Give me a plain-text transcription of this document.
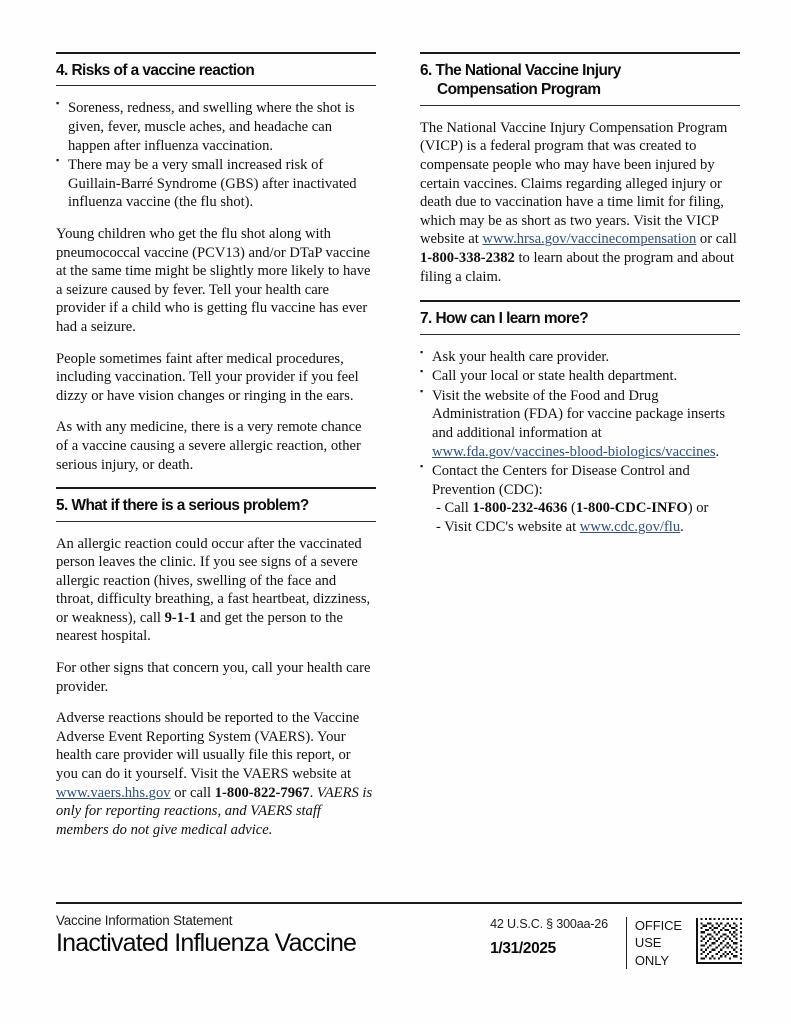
4. Risks of a vaccine reaction
▪ Soreness, redness, and swelling where the shot is given, fever, muscle aches, and headache can happen after influenza vaccination.
▪ There may be a very small increased risk of Guillain-Barré Syndrome (GBS) after inactivated influenza vaccine (the flu shot).

Young children who get the flu shot along with pneumococcal vaccine (PCV13) and/or DTaP vaccine at the same time might be slightly more likely to have a seizure caused by fever. Tell your health care provider if a child who is getting flu vaccine has ever had a seizure.

People sometimes faint after medical procedures, including vaccination. Tell your provider if you feel dizzy or have vision changes or ringing in the ears.

As with any medicine, there is a very remote chance of a vaccine causing a severe allergic reaction, other serious injury, or death.

5. What if there is a serious problem?

An allergic reaction could occur after the vaccinated person leaves the clinic. If you see signs of a severe allergic reaction (hives, swelling of the face and throat, difficulty breathing, a fast heartbeat, dizziness, or weakness), call 9-1-1 and get the person to the nearest hospital.

For other signs that concern you, call your health care provider.

Adverse reactions should be reported to the Vaccine Adverse Event Reporting System (VAERS). Your health care provider will usually file this report, or you can do it yourself. Visit the VAERS website at www.vaers.hhs.gov or call 1-800-822-7967. VAERS is only for reporting reactions, and VAERS staff members do not give medical advice.

6. The National Vaccine Injury
Compensation Program

The National Vaccine Injury Compensation Program (VICP) is a federal program that was created to compensate people who may have been injured by certain vaccines. Claims regarding alleged injury or death due to vaccination have a time limit for filing, which may be as short as two years. Visit the VICP website at www.hrsa.gov/vaccinecompensation or call 1-800-338-2382 to learn about the program and about filing a claim.

7. How can I learn more?
▪ Ask your health care provider.
▪ Call your local or state health department.
▪ Visit the website of the Food and Drug Administration (FDA) for vaccine package inserts and additional information at www.fda.gov/vaccines-blood-biologics/vaccines.
▪ Contact the Centers for Disease Control and Prevention (CDC):
- Call 1-800-232-4636 (1-800-CDC-INFO) or
- Visit CDC's website at www.cdc.gov/flu.
Vaccine Information Statement
Inactivated Influenza Vaccine
42 U.S.C. § 300aa-26
1/31/2025
OFFICE
USE
ONLY
